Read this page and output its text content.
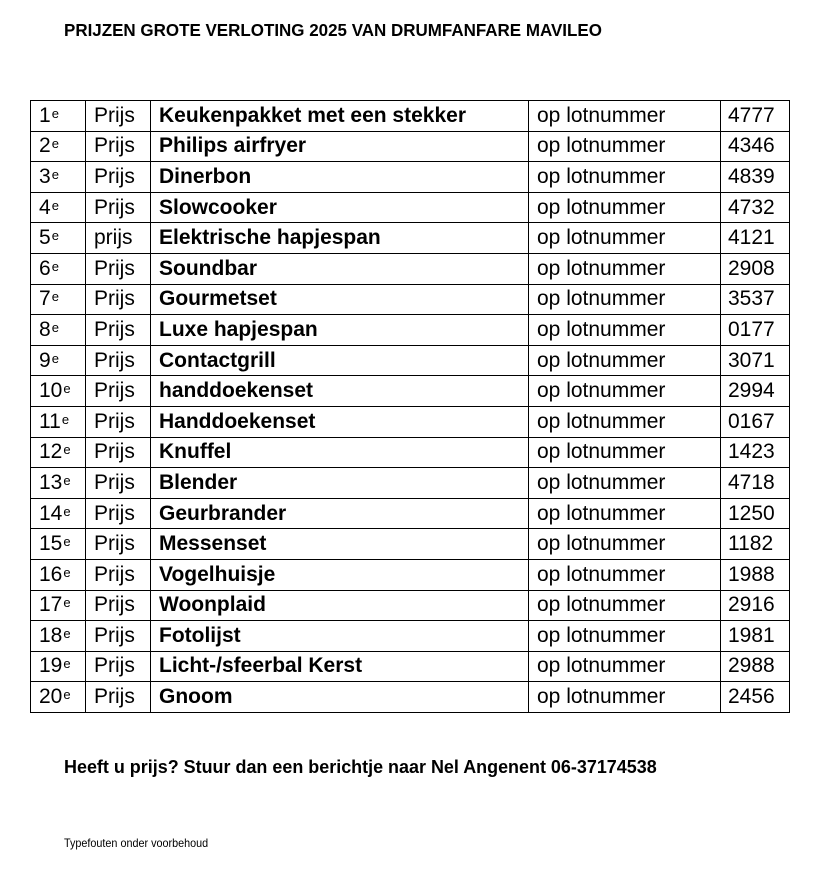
PRIJZEN GROTE VERLOTING 2025 VAN DRUMFANFARE MAVILEO
1e	Prijs	Keukenpakket met een stekker	op lotnummer	4777
2e	Prijs	Philips airfryer	op lotnummer	4346
3e	Prijs	Dinerbon	op lotnummer	4839
4e	Prijs	Slowcooker	op lotnummer	4732
5e	prijs	Elektrische hapjespan	op lotnummer	4121
6e	Prijs	Soundbar	op lotnummer	2908
7e	Prijs	Gourmetset	op lotnummer	3537
8e	Prijs	Luxe hapjespan	op lotnummer	0177
9e	Prijs	Contactgrill	op lotnummer	3071
10e	Prijs	handdoekenset	op lotnummer	2994
11e	Prijs	Handdoekenset	op lotnummer	0167
12e	Prijs	Knuffel	op lotnummer	1423
13e	Prijs	Blender	op lotnummer	4718
14e	Prijs	Geurbrander	op lotnummer	1250
15e	Prijs	Messenset	op lotnummer	1182
16e	Prijs	Vogelhuisje	op lotnummer	1988
17e	Prijs	Woonplaid	op lotnummer	2916
18e	Prijs	Fotolijst	op lotnummer	1981
19e	Prijs	Licht-/sfeerbal Kerst	op lotnummer	2988
20e	Prijs	Gnoom	op lotnummer	2456
Heeft u prijs? Stuur dan een berichtje naar Nel Angenent 06-37174538
Typefouten onder voorbehoud
